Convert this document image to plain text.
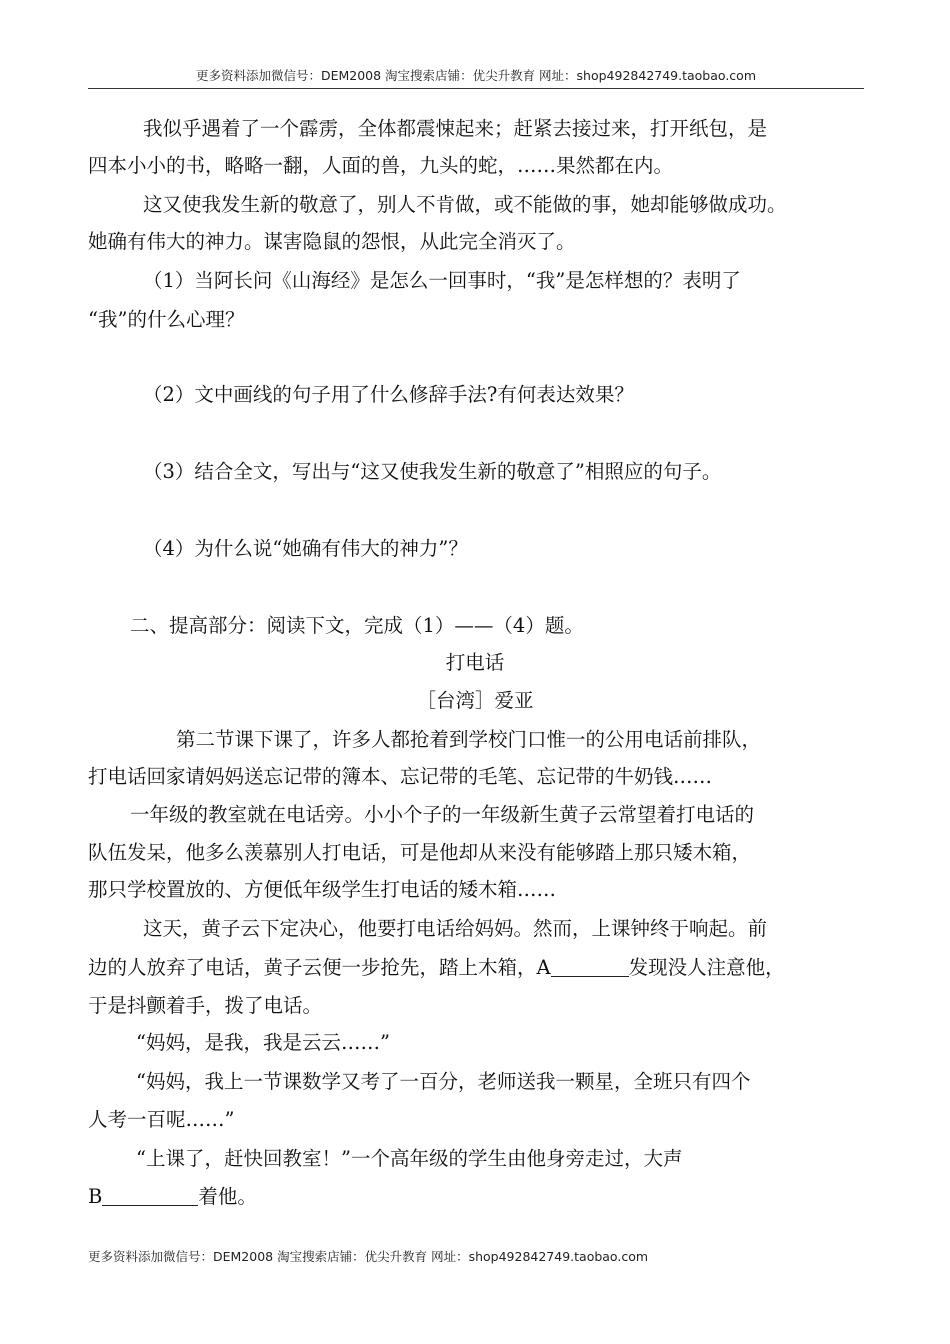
更多资料添加微信号：DEM2008 淘宝搜索店铺：优尖升教育 网址：shop492842749.taobao.com
我似乎遇着了一个霹雳，全体都震悚起来；赶紧去接过来，打开纸包，是
四本小小的书，略略一翻，人面的兽，九头的蛇，……果然都在内。
这又使我发生新的敬意了，别人不肯做，或不能做的事，她却能够做成功。
她确有伟大的神力。谋害隐鼠的怨恨，从此完全消灭了。
（1）当阿长问《山海经》是怎么一回事时，“我”是怎样想的？表明了
“我”的什么心理？
（2）文中画线的句子用了什么修辞手法?有何表达效果？
（3）结合全文，写出与“这又使我发生新的敬意了”相照应的句子。
（4）为什么说“她确有伟大的神力”？
二、提高部分：阅读下文，完成（1）——（4）题。
打电话
［台湾］爱亚
第二节课下课了，许多人都抢着到学校门口惟一的公用电话前排队，
打电话回家请妈妈送忘记带的簿本、忘记带的毛笔、忘记带的牛奶钱……
一年级的教室就在电话旁。小小个子的一年级新生黄子云常望着打电话的
队伍发呆，他多么羡慕别人打电话，可是他却从来没有能够踏上那只矮木箱，
那只学校置放的、方便低年级学生打电话的矮木箱……
这天，黄子云下定决心，他要打电话给妈妈。然而，上课钟终于响起。前
边的人放弃了电话，黄子云便一步抢先，踏上木箱，A	发现没人注意他，
于是抖颤着手，拨了电话。
“妈妈，是我，我是云云……”
“妈妈，我上一节课数学又考了一百分，老师送我一颗星，全班只有四个
人考一百呢……”
“上课了，赶快回教室！”一个高年级的学生由他身旁走过，大声
B	着他。
更多资料添加微信号：DEM2008 淘宝搜索店铺：优尖升教育 网址：shop492842749.taobao.com
